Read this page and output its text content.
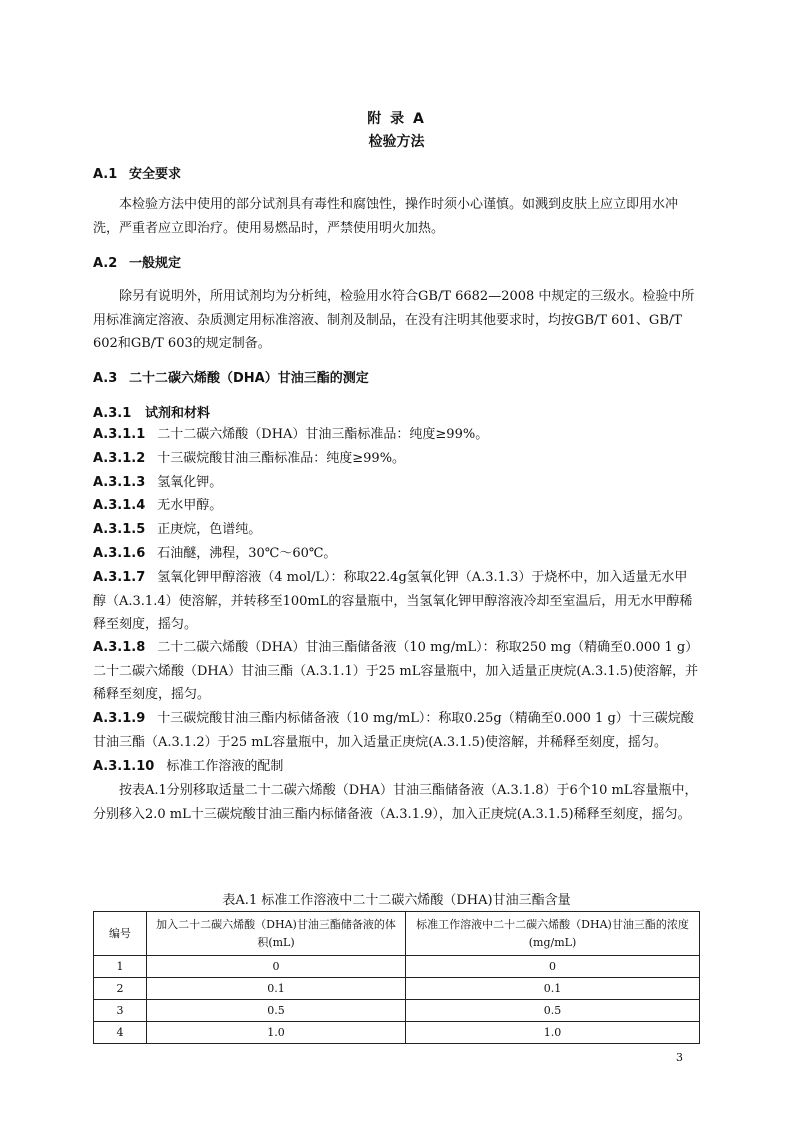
附 录 A
检验方法
A.1 安全要求

本检验方法中使用的部分试剂具有毒性和腐蚀性，操作时须小心谨慎。如溅到皮肤上应立即用水冲洗，严重者应立即治疗。使用易燃品时，严禁使用明火加热。

A.2 一般规定

除另有说明外，所用试剂均为分析纯，检验用水符合GB/T 6682—2008 中规定的三级水。检验中所用标准滴定溶液、杂质测定用标准溶液、制剂及制品，在没有注明其他要求时，均按GB/T 601、GB/T 602和GB/T 603的规定制备。

A.3 二十二碳六烯酸（DHA）甘油三酯的测定
A.3.1 试剂和材料

A.3.1.1 二十二碳六烯酸（DHA）甘油三酯标准品：纯度≥99%。

A.3.1.2 十三碳烷酸甘油三酯标准品：纯度≥99%。

A.3.1.3 氢氧化钾。

A.3.1.4 无水甲醇。

A.3.1.5 正庚烷，色谱纯。

A.3.1.6 石油醚，沸程，30℃～60℃。

A.3.1.7 氢氧化钾甲醇溶液（4 mol/L）：称取22.4g氢氧化钾（A.3.1.3）于烧杯中，加入适量无水甲醇（A.3.1.4）使溶解，并转移至100mL的容量瓶中，当氢氧化钾甲醇溶液冷却至室温后，用无水甲醇稀释至刻度，摇匀。

A.3.1.8 二十二碳六烯酸（DHA）甘油三酯储备液（10 mg/mL）：称取250 mg（精确至0.000 1 g）二十二碳六烯酸（DHA）甘油三酯（A.3.1.1）于25 mL容量瓶中，加入适量正庚烷(A.3.1.5)使溶解，并稀释至刻度，摇匀。

A.3.1.9 十三碳烷酸甘油三酯内标储备液（10 mg/mL）：称取0.25g（精确至0.000 1 g）十三碳烷酸甘油三酯（A.3.1.2）于25 mL容量瓶中，加入适量正庚烷(A.3.1.5)使溶解，并稀释至刻度，摇匀。

A.3.1.10 标准工作溶液的配制

按表A.1分别移取适量二十二碳六烯酸（DHA）甘油三酯储备液（A.3.1.8）于6个10 mL容量瓶中，分别移入2.0 mL十三碳烷酸甘油三酯内标储备液（A.3.1.9），加入正庚烷(A.3.1.5)稀释至刻度，摇匀。

表A.1 标准工作溶液中二十二碳六烯酸（DHA)甘油三酯含量
编号	加入二十二碳六烯酸（DHA)甘油三酯储备液的体积(mL)	标准工作溶液中二十二碳六烯酸（DHA)甘油三酯的浓度(mg/mL)
1	0	0
2	0.1	0.1
3	0.5	0.5
4	1.0	1.0
3
